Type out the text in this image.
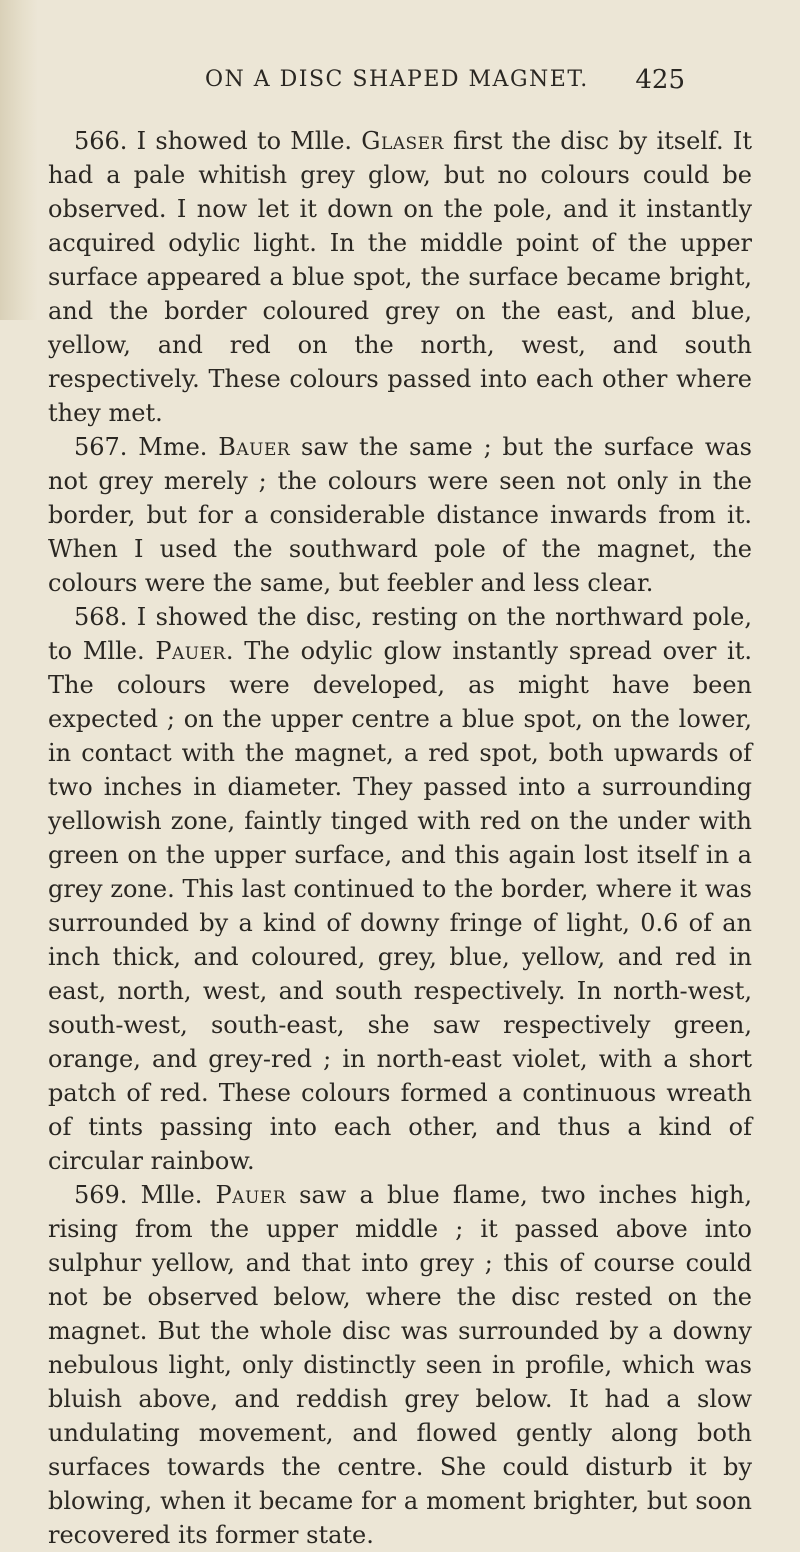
ON A DISC SHAPED MAGNET. 425

566. I showed to Mlle. Glaser first the disc by itself. It had a pale whitish grey glow, but no colours could be observed. I now let it down on the pole, and it instantly acquired odylic light. In the middle point of the upper surface appeared a blue spot, the surface became bright, and the border coloured grey on the east, and blue, yellow, and red on the north, west, and south respectively. These colours passed into each other where they met.

567. Mme. Bauer saw the same ; but the surface was not grey merely ; the colours were seen not only in the border, but for a considerable distance inwards from it. When I used the southward pole of the magnet, the colours were the same, but feebler and less clear.

568. I showed the disc, resting on the northward pole, to Mlle. Pauer. The odylic glow instantly spread over it. The colours were developed, as might have been expected ; on the upper centre a blue spot, on the lower, in contact with the magnet, a red spot, both upwards of two inches in diameter. They passed into a surrounding yellowish zone, faintly tinged with red on the under with green on the upper surface, and this again lost itself in a grey zone. This last continued to the border, where it was surrounded by a kind of downy fringe of light, 0.6 of an inch thick, and coloured, grey, blue, yellow, and red in east, north, west, and south respectively. In north-west, south-west, south-east, she saw respectively green, orange, and grey-red ; in north-east violet, with a short patch of red. These colours formed a continuous wreath of tints passing into each other, and thus a kind of circular rainbow.

569. Mlle. Pauer saw a blue flame, two inches high, rising from the upper middle ; it passed above into sulphur yellow, and that into grey ; this of course could not be observed below, where the disc rested on the magnet. But the whole disc was surrounded by a downy nebulous light, only distinctly seen in profile, which was bluish above, and reddish grey below. It had a slow undulating movement, and flowed gently along both surfaces towards the centre. She could disturb it by blowing, when it became for a moment brighter, but soon recovered its former state.
